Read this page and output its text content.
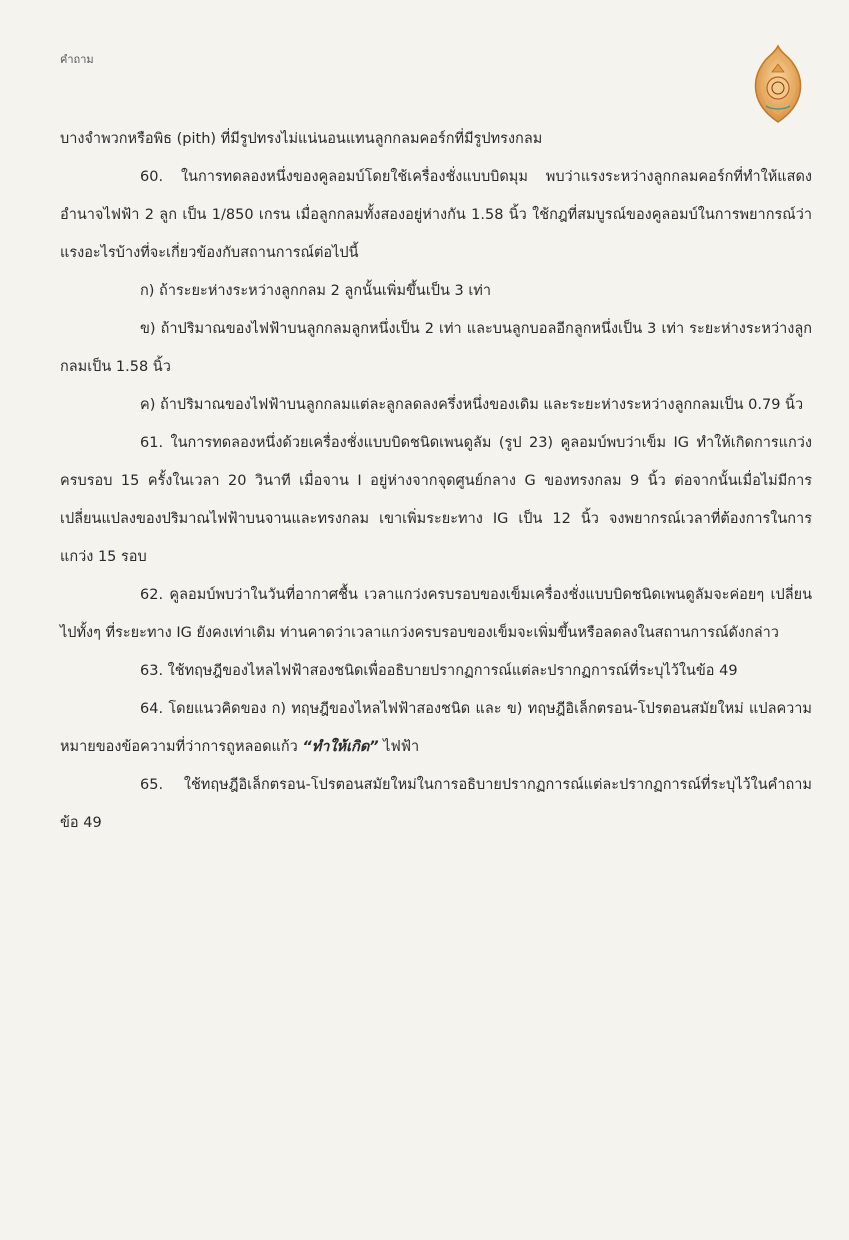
คำถาม

บางจำพวกหรือพิธ (pith) ที่มีรูปทรงไม่แน่นอนแทนลูกกลมคอร์กที่มีรูปทรงกลม

60. ในการทดลองหนึ่งของคูลอมบ์โดยใช้เครื่องชั่งแบบบิดมุม พบว่าแรงระหว่างลูกกลมคอร์กที่ทำให้แสดงอำนาจไฟฟ้า 2 ลูก เป็น 1/850 เกรน เมื่อลูกกลมทั้งสองอยู่ห่างกัน 1.58 นิ้ว ใช้กฎที่สมบูรณ์ของคูลอมบ์ในการพยากรณ์ว่าแรงอะไรบ้างที่จะเกี่ยวข้องกับสถานการณ์ต่อไปนี้

ก) ถ้าระยะห่างระหว่างลูกกลม 2 ลูกนั้นเพิ่มขึ้นเป็น 3 เท่า

ข) ถ้าปริมาณของไฟฟ้าบนลูกกลมลูกหนึ่งเป็น 2 เท่า และบนลูกบอลอีกลูกหนึ่งเป็น 3 เท่า ระยะห่างระหว่างลูกกลมเป็น 1.58 นิ้ว

ค) ถ้าปริมาณของไฟฟ้าบนลูกกลมแต่ละลูกลดลงครึ่งหนึ่งของเดิม และระยะห่างระหว่างลูกกลมเป็น 0.79 นิ้ว

61. ในการทดลองหนึ่งด้วยเครื่องชั่งแบบบิดชนิดเพนดูลัม (รูป 23) คูลอมบ์พบว่าเข็ม IG ทำให้เกิดการแกว่งครบรอบ 15 ครั้งในเวลา 20 วินาที เมื่อจาน I อยู่ห่างจากจุดศูนย์กลาง G ของทรงกลม 9 นิ้ว ต่อจากนั้นเมื่อไม่มีการเปลี่ยนแปลงของปริมาณไฟฟ้าบนจานและทรงกลม เขาเพิ่มระยะทาง IG เป็น 12 นิ้ว จงพยากรณ์เวลาที่ต้องการในการแกว่ง 15 รอบ

62. คูลอมบ์พบว่าในวันที่อากาศชื้น เวลาแกว่งครบรอบของเข็มเครื่องชั่งแบบบิดชนิดเพนดูลัมจะค่อยๆ เปลี่ยนไปทั้งๆ ที่ระยะทาง IG ยังคงเท่าเดิม ท่านคาดว่าเวลาแกว่งครบรอบของเข็มจะเพิ่มขึ้นหรือลดลงในสถานการณ์ดังกล่าว

63. ใช้ทฤษฎีของไหลไฟฟ้าสองชนิดเพื่ออธิบายปรากฏการณ์แต่ละปรากฏการณ์ที่ระบุไว้ในข้อ 49

64. โดยแนวคิดของ ก) ทฤษฎีของไหลไฟฟ้าสองชนิด และ ข) ทฤษฎีอิเล็กตรอน-โปรตอนสมัยใหม่ แปลความหมายของข้อความที่ว่าการถูหลอดแก้ว “ทำให้เกิด” ไฟฟ้า

65. ใช้ทฤษฎีอิเล็กตรอน-โปรตอนสมัยใหม่ในการอธิบายปรากฏการณ์แต่ละปรากฏการณ์ที่ระบุไว้ในคำถามข้อ 49
